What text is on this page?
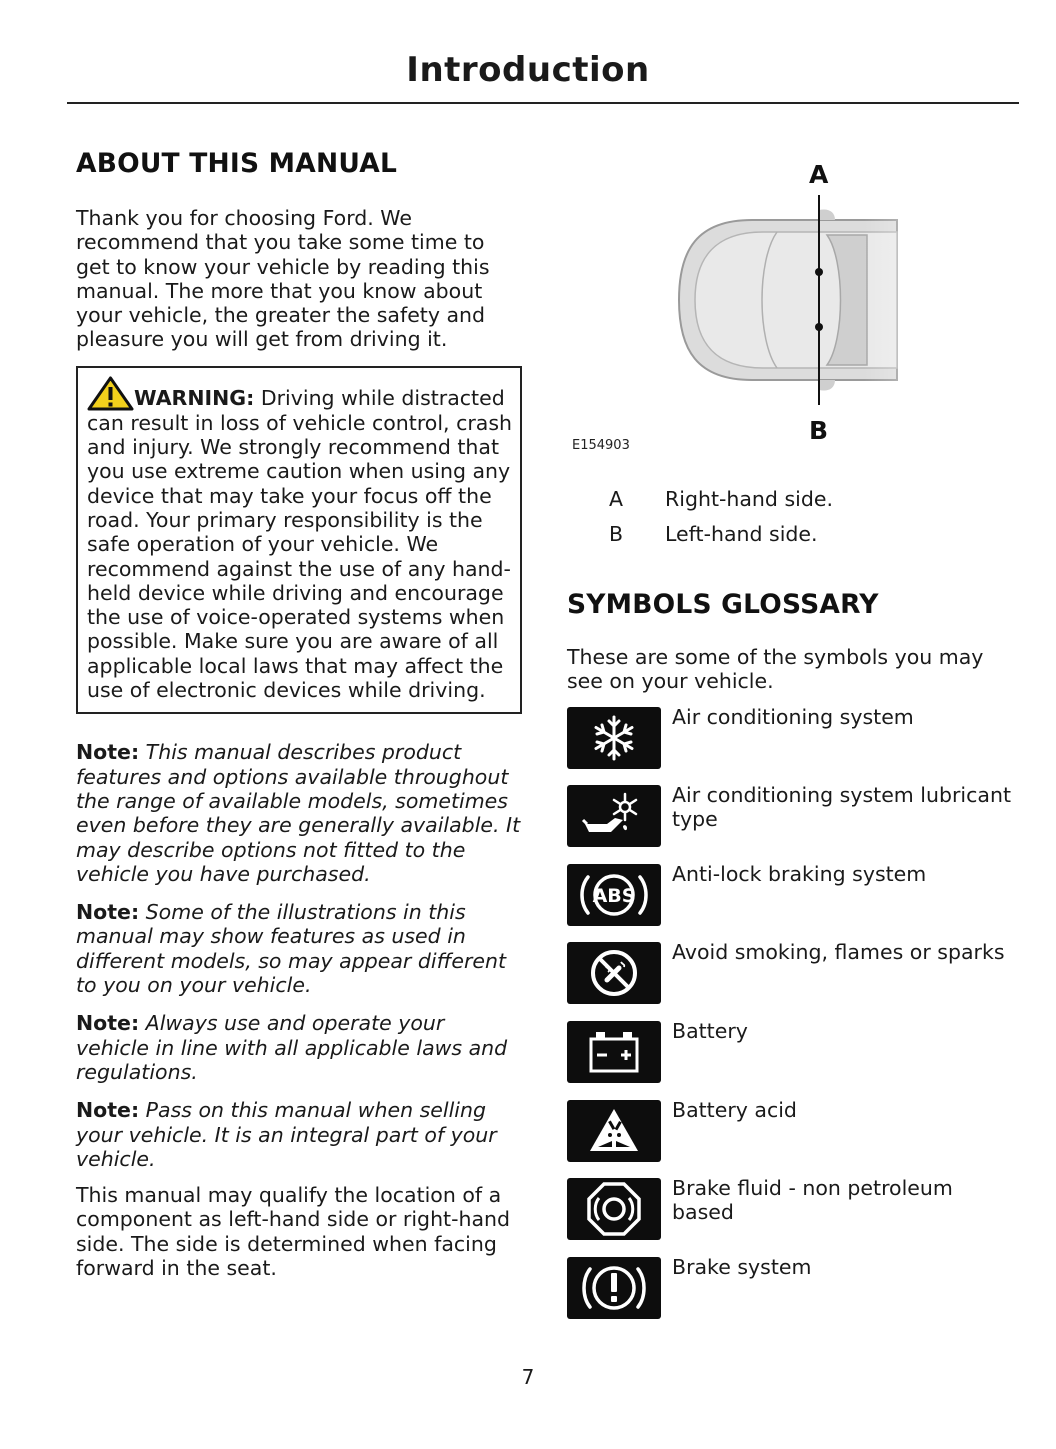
Introduction
ABOUT THIS MANUAL

Thank you for choosing Ford. We recommend that you take some time to get to know your vehicle by reading this manual. The more that you know about your vehicle, the greater the safety and pleasure you will get from driving it.

WARNING: Driving while distracted can result in loss of vehicle control, crash and injury. We strongly recommend that you use extreme caution when using any device that may take your focus off the road. Your primary responsibility is the safe operation of your vehicle. We recommend against the use of any hand-held device while driving and encourage the use of voice-operated systems when possible. Make sure you are aware of all applicable local laws that may affect the use of electronic devices while driving.

Note: This manual describes product features and options available throughout the range of available models, sometimes even before they are generally available. It may describe options not fitted to the vehicle you have purchased.

Note: Some of the illustrations in this manual may show features as used in different models, so may appear different to you on your vehicle.

Note: Always use and operate your vehicle in line with all applicable laws and regulations.

Note: Pass on this manual when selling your vehicle. It is an integral part of your vehicle.

This manual may qualify the location of a component as left-hand side or right-hand side. The side is determined when facing forward in the seat.

A
B
E154903
A	Right-hand side.
B	Left-hand side.
SYMBOLS GLOSSARY

These are some of the symbols you may see on your vehicle.

Air conditioning system
Air conditioning system lubricant type
ABS
Anti-lock braking system
Avoid smoking, flames or sparks
Battery
Battery acid
Brake fluid - non petroleum based
Brake system
7
